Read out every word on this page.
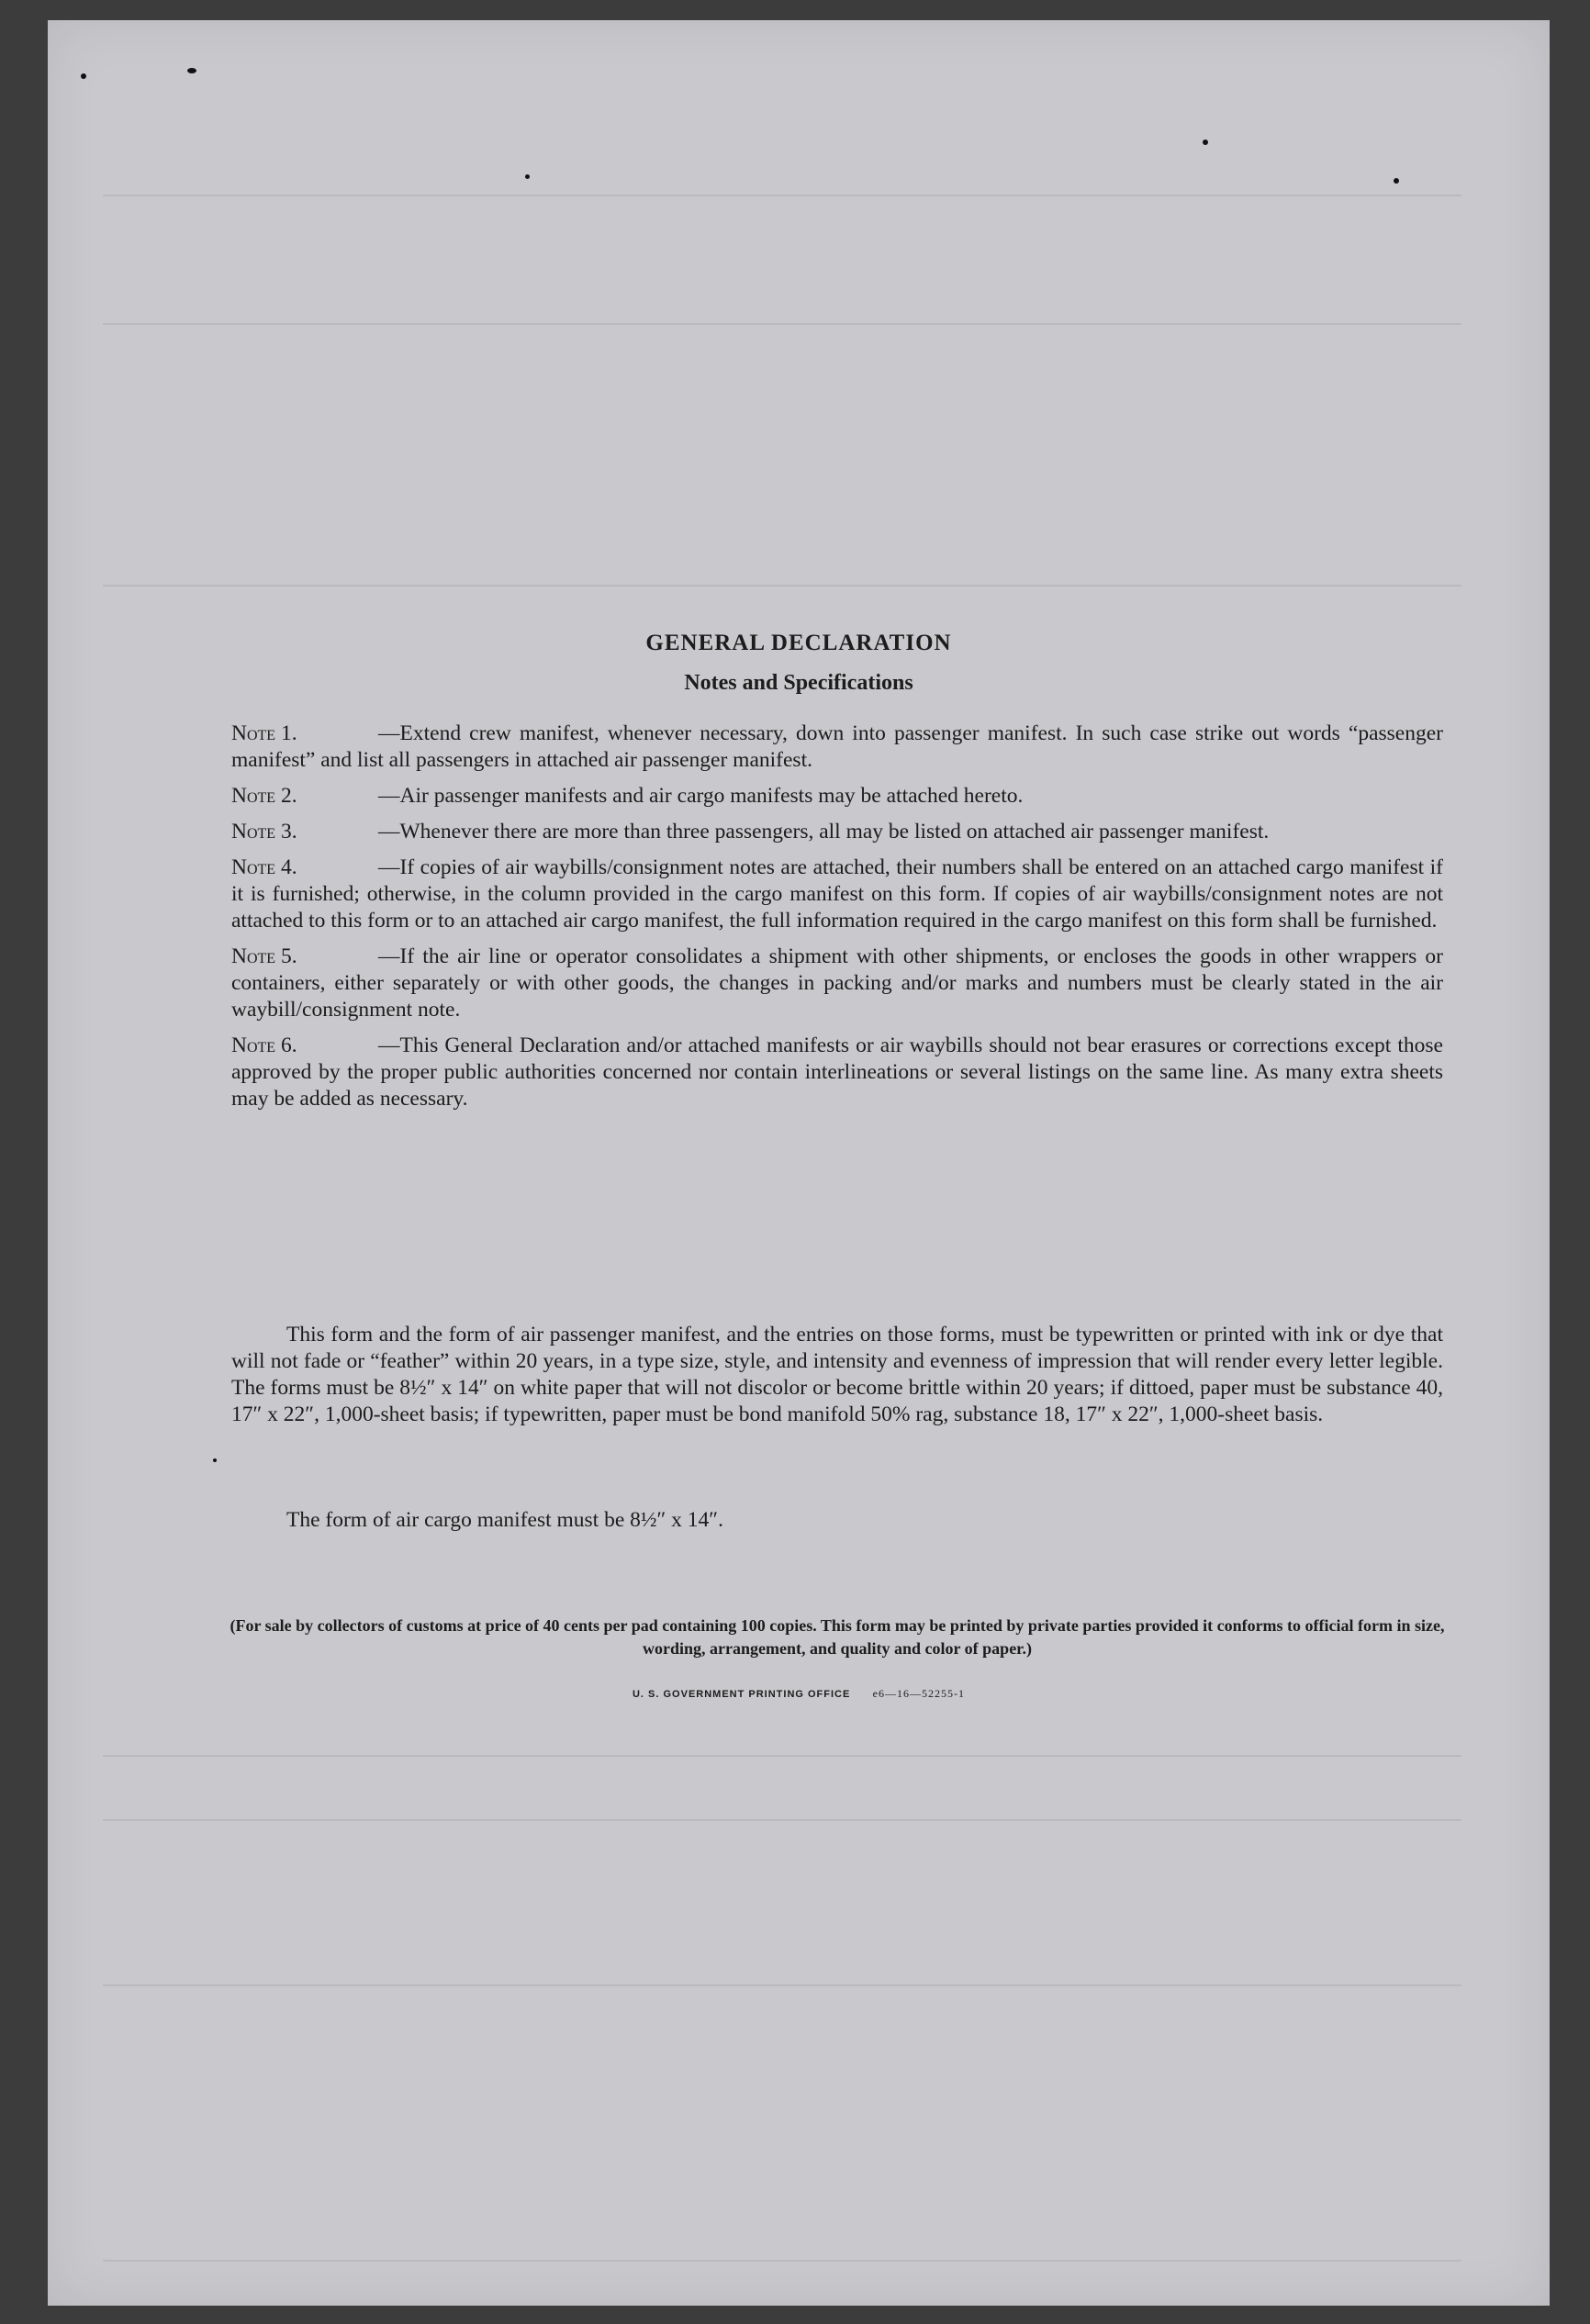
GENERAL DECLARATION
Notes and Specifications
Note 1.	—Extend crew manifest, whenever necessary, down into passenger manifest. In such case strike out words “passenger manifest” and list all passengers in attached air passenger manifest.
Note 2.	—Air passenger manifests and air cargo manifests may be attached hereto.
Note 3.	—Whenever there are more than three passengers, all may be listed on attached air passenger manifest.
Note 4.	—If copies of air waybills/consignment notes are attached, their numbers shall be entered on an attached cargo manifest if it is furnished; otherwise, in the column provided in the cargo manifest on this form. If copies of air waybills/consignment notes are not attached to this form or to an attached air cargo manifest, the full information required in the cargo manifest on this form shall be furnished.
Note 5.	—If the air line or operator consolidates a shipment with other shipments, or encloses the goods in other wrappers or containers, either separately or with other goods, the changes in packing and/or marks and numbers must be clearly stated in the air waybill/consignment note.
Note 6.	—This General Declaration and/or attached manifests or air waybills should not bear erasures or corrections except those approved by the proper public authorities concerned nor contain interlineations or several listings on the same line. As many extra sheets may be added as necessary.
This form and the form of air passenger manifest, and the entries on those forms, must be typewritten or printed with ink or dye that will not fade or “feather” within 20 years, in a type size, style, and intensity and evenness of impression that will render every letter legible. The forms must be 8½″ x 14″ on white paper that will not discolor or become brittle within 20 years; if dittoed, paper must be substance 40, 17″ x 22″, 1,000-sheet basis; if typewritten, paper must be bond manifold 50% rag, substance 18, 17″ x 22″, 1,000-sheet basis.
The form of air cargo manifest must be 8½″ x 14″.
(For sale by collectors of customs at price of 40 cents per pad containing 100 copies. This form may be printed by private parties provided it conforms to official form in size, wording, arrangement, and quality and color of paper.)
U. S. GOVERNMENT PRINTING OFFICE e6—16—52255-1
